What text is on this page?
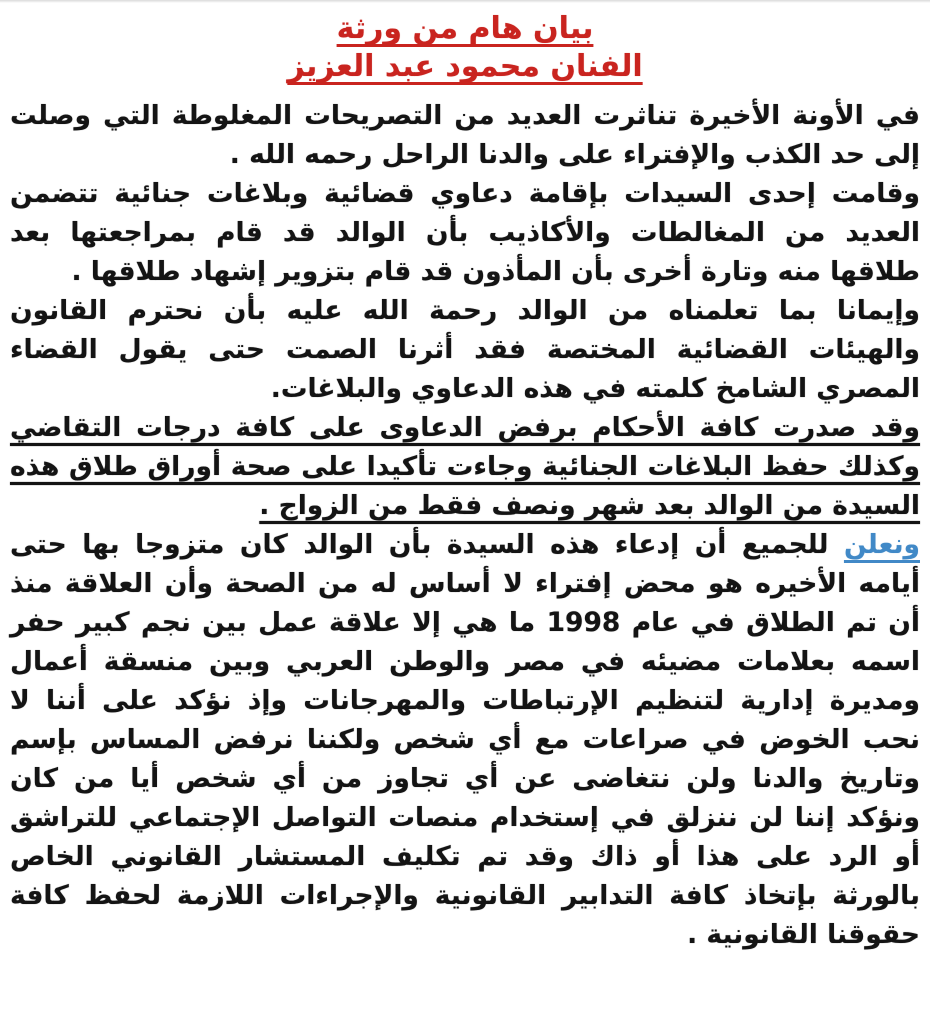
بيان هام من ورثة
الفنان محمود عبد العزيز

في الأونة الأخيرة تناثرت العديد من التصريحات المغلوطة التي وصلت إلى حد الكذب والإفتراء على والدنا الراحل رحمه الله .

وقامت إحدى السيدات بإقامة دعاوي قضائية وبلاغات جنائية تتضمن العديد من المغالطات والأكاذيب بأن الوالد قد قام بمراجعتها بعد طلاقها منه وتارة أخرى بأن المأذون قد قام بتزوير إشهاد طلاقها .

وإيمانا بما تعلمناه من الوالد رحمة الله عليه بأن نحترم القانون والهيئات القضائية المختصة فقد أثرنا الصمت حتى يقول القضاء المصري الشامخ كلمته في هذه الدعاوي والبلاغات.

وقد صدرت كافة الأحكام برفض الدعاوى على كافة درجات التقاضي وكذلك حفظ البلاغات الجنائية وجاءت تأكيدا على صحة أوراق طلاق هذه السيدة من الوالد بعد شهر ونصف فقط من الزواج .

ونعلن للجميع أن إدعاء هذه السيدة بأن الوالد كان متزوجا بها حتى أيامه الأخيره هو محض إفتراء لا أساس له من الصحة وأن العلاقة منذ أن تم الطلاق في عام 1998 ما هي إلا علاقة عمل بين نجم كبير حفر اسمه بعلامات مضيئه في مصر والوطن العربي وبين منسقة أعمال ومديرة إدارية لتنظيم الإرتباطات والمهرجانات وإذ نؤكد على أننا لا نحب الخوض في صراعات مع أي شخص ولكننا نرفض المساس بإسم وتاريخ والدنا ولن نتغاضى عن أي تجاوز من أي شخص أيا من كان ونؤكد إننا لن ننزلق في إستخدام منصات التواصل الإجتماعي للتراشق أو الرد على هذا أو ذاك وقد تم تكليف المستشار القانوني الخاص بالورثة بإتخاذ كافة التدابير القانونية والإجراءات اللازمة لحفظ كافة حقوقنا القانونية .
